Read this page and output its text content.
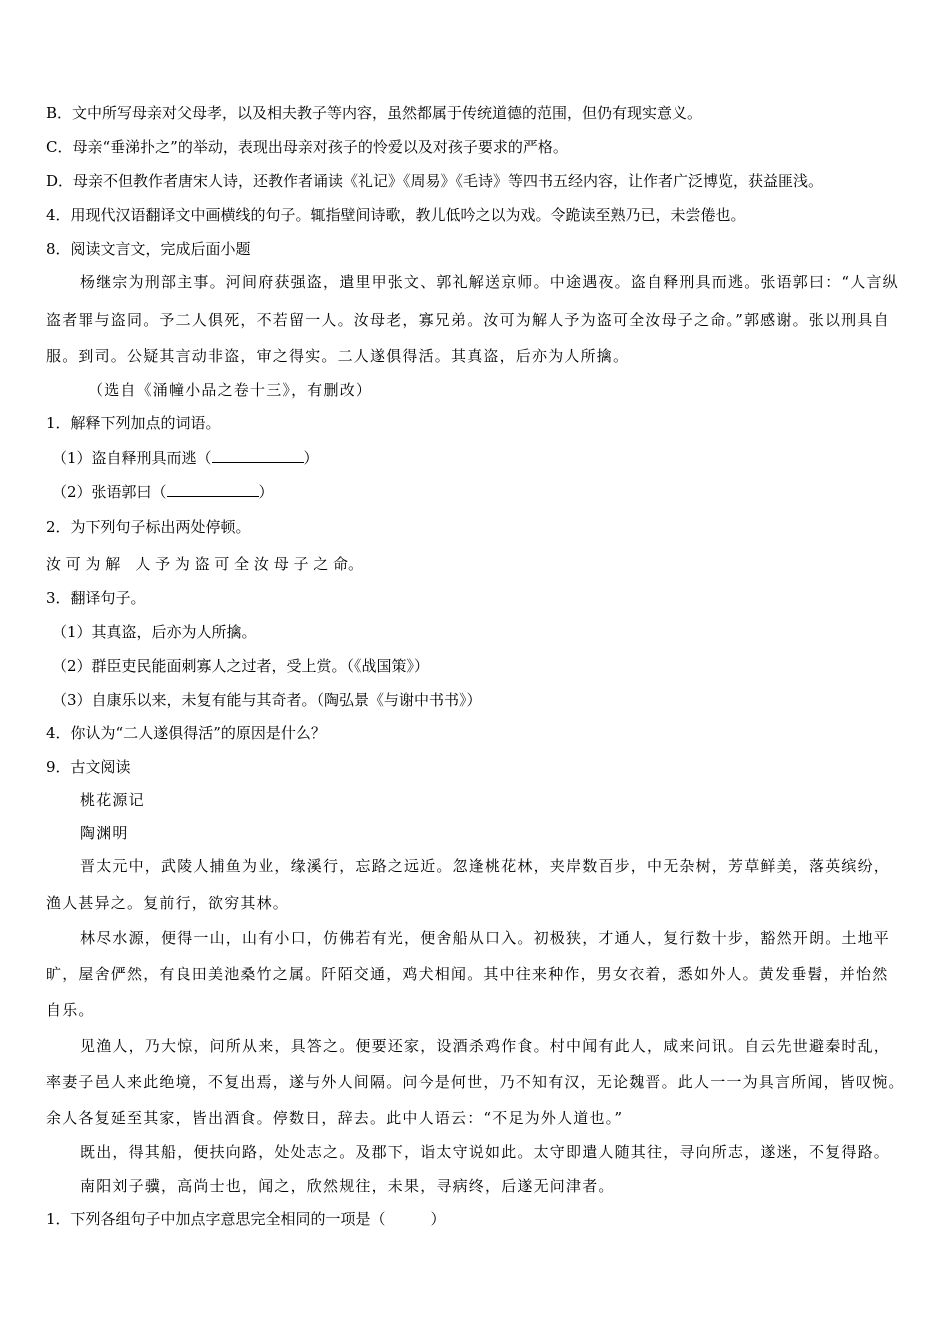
B．文中所写母亲对父母孝，以及相夫教子等内容，虽然都属于传统道德的范围，但仍有现实意义。
C．母亲“垂涕扑之”的举动，表现出母亲对孩子的怜爱以及对孩子要求的严格。
D．母亲不但教作者唐宋人诗，还教作者诵读《礼记》《周易》《毛诗》等四书五经内容，让作者广泛博览，获益匪浅。
4．用现代汉语翻译文中画横线的句子。辄指壁间诗歌，教儿低吟之以为戏。令跪读至熟乃已，未尝倦也。
8．阅读文言文，完成后面小题
杨继宗为刑部主事。河间府获强盗，遣里甲张文、郭礼解送京师。中途遇夜。盗自释刑具而逃。张语郭曰：“人言纵
盗者罪与盗同。予二人俱死，不若留一人。汝母老，寡兄弟。汝可为解人予为盗可全汝母子之命。”郭感谢。张以刑具自
服。到司。公疑其言动非盗，审之得实。二人遂俱得活。其真盗，后亦为人所擒。
（选自《涌幢小品之卷十三》，有删改）
1．解释下列加点的词语。
（1）盗自释刑具而逃（	）
（2）张语郭曰（	）
2．为下列句子标出两处停顿。
汝 可 为 解　 人 予 为 盗 可 全 汝 母 子 之 命。
3．翻译句子。
（1）其真盗，后亦为人所擒。
（2）群臣吏民能面刺寡人之过者，受上赏。（《战国策》）
（3）自康乐以来，未复有能与其奇者。（陶弘景《与谢中书书》）
4．你认为“二人遂俱得活”的原因是什么？
9．古文阅读
桃花源记
陶渊明
晋太元中，武陵人捕鱼为业，缘溪行，忘路之远近。忽逢桃花林，夹岸数百步，中无杂树，芳草鲜美，落英缤纷，
渔人甚异之。复前行，欲穷其林。
林尽水源，便得一山，山有小口，仿佛若有光，便舍船从口入。初极狭，才通人，复行数十步，豁然开朗。土地平
旷，屋舍俨然，有良田美池桑竹之属。阡陌交通，鸡犬相闻。其中往来种作，男女衣着，悉如外人。黄发垂髫，并怡然
自乐。
见渔人，乃大惊，问所从来，具答之。便要还家，设酒杀鸡作食。村中闻有此人，咸来问讯。自云先世避秦时乱，
率妻子邑人来此绝境，不复出焉，遂与外人间隔。问今是何世，乃不知有汉，无论魏晋。此人一一为具言所闻，皆叹惋。
余人各复延至其家，皆出酒食。停数日，辞去。此中人语云：“不足为外人道也。”
既出，得其船，便扶向路，处处志之。及郡下，诣太守说如此。太守即遣人随其往，寻向所志，遂迷，不复得路。
南阳刘子骥，高尚士也，闻之，欣然规往，未果，寻病终，后遂无问津者。
1．下列各组句子中加点字意思完全相同的一项是（　　　）
